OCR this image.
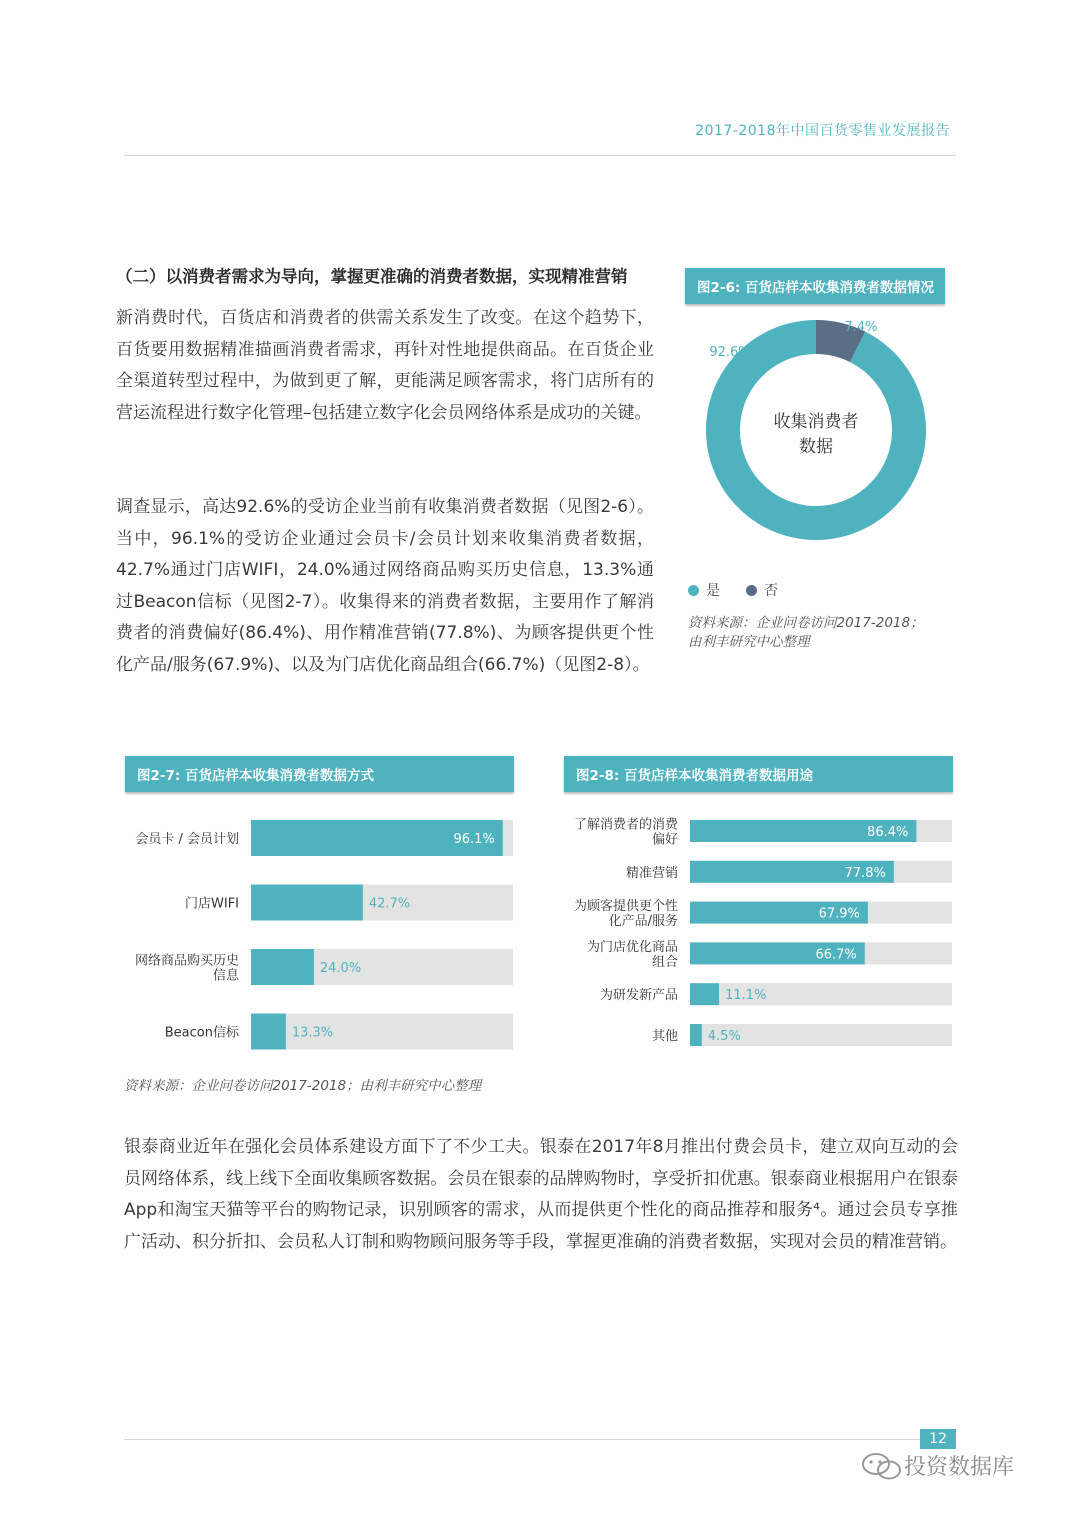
2017-2018年中国百货零售业发展报告
（二）以消费者需求为导向，掌握更准确的消费者数据，实现精准营销

新消费时代，百货店和消费者的供需关系发生了改变。在这个趋势下，百货要用数据精准描画消费者需求，再针对性地提供商品。在百货企业全渠道转型过程中，为做到更了解，更能满足顾客需求，将门店所有的营运流程进行数字化管理–包括建立数字化会员网络体系是成功的关键。

调查显示，高达92.6%的受访企业当前有收集消费者数据（见图2-6）。当中，96.1%的受访企业通过会员卡/会员计划来收集消费者数据，42.7%通过门店WIFI，24.0%通过网络商品购买历史信息，13.3%通过Beacon信标（见图2-7）。收集得来的消费者数据，主要用作了解消费者的消费偏好(86.4%)、用作精准营销(77.8%)、为顾客提供更个性化产品/服务(67.9%)、以及为门店优化商品组合(66.7%)（见图2-8）。

图2-6: 百货店样本收集消费者数据情况
收集消费者
数据
92.6%
7.4%
是	否
资料来源：企业问卷访问2017-2018；
由利丰研究中心整理
图2-7: 百货店样本收集消费者数据方式
会员卡 / 会员计划	96.1%
门店WIFI	42.7%
网络商品购买历史
信息	24.0%
Beacon信标	13.3%
图2-8: 百货店样本收集消费者数据用途
了解消费者的消费
偏好	86.4%
精准营销	77.8%
为顾客提供更个性
化产品/服务	67.9%
为门店优化商品
组合	66.7%
为研发新产品	11.1%
其他 4.5%
资料来源：企业问卷访问2017-2018；由利丰研究中心整理

银泰商业近年在强化会员体系建设方面下了不少工夫。银泰在2017年8月推出付费会员卡，建立双向互动的会员网络体系，线上线下全面收集顾客数据。会员在银泰的品牌购物时，享受折扣优惠。银泰商业根据用户在银泰App和淘宝天猫等平台的购物记录，识别顾客的需求，从而提供更个性化的商品推荐和服务⁴。通过会员专享推广活动、积分折扣、会员私人订制和购物顾问服务等手段，掌握更准确的消费者数据，实现对会员的精准营销。

12
投资数据库
